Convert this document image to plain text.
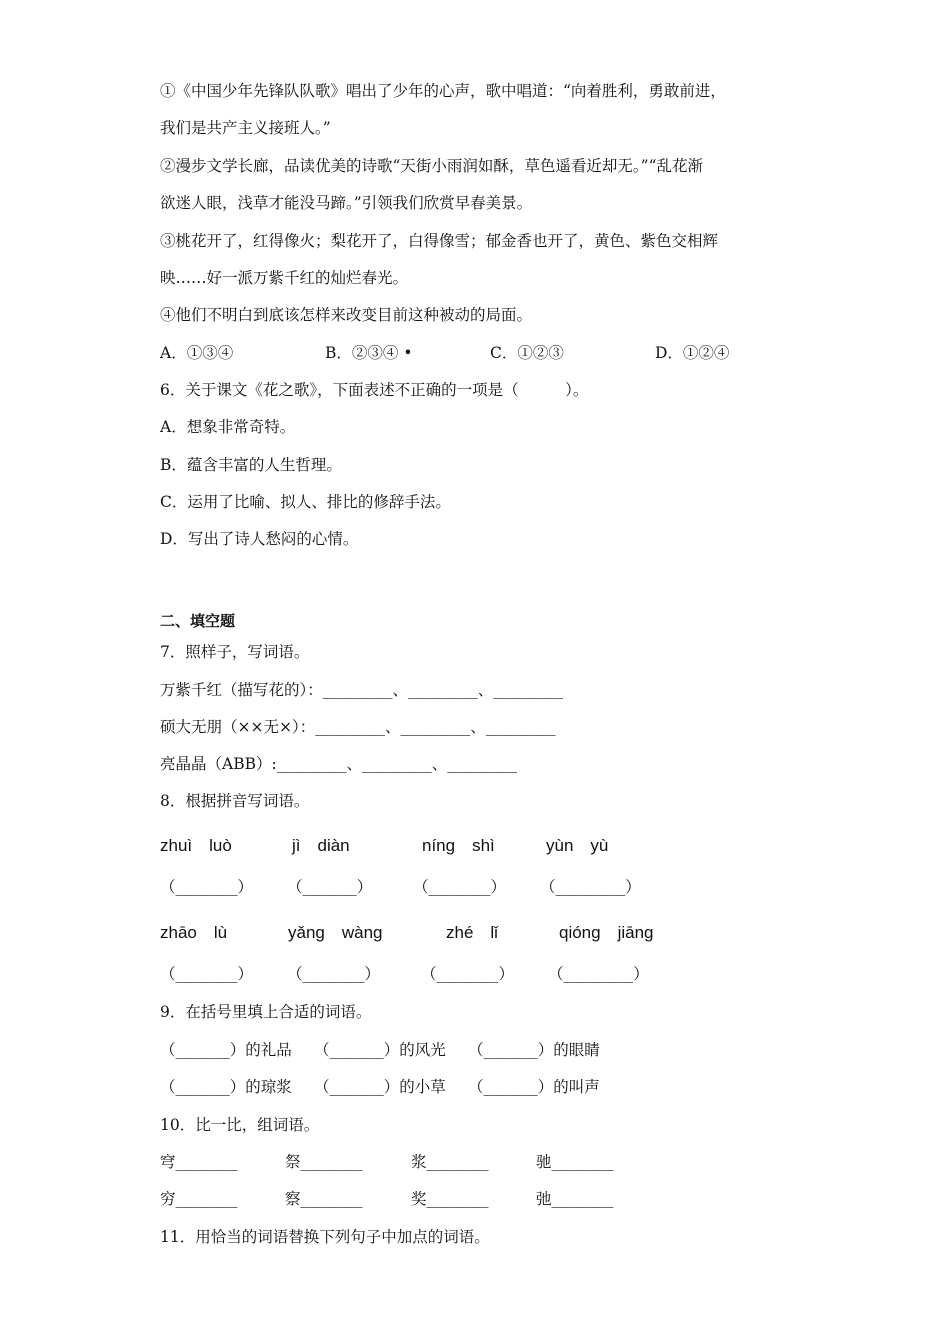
①《中国少年先锋队队歌》唱出了少年的心声，歌中唱道：“向着胜利，勇敢前进，
我们是共产主义接班人。”
②漫步文学长廊，品读优美的诗歌“天街小雨润如酥，草色遥看近却无。”“乱花渐
欲迷人眼，浅草才能没马蹄。”引领我们欣赏早春美景。
③桃花开了，红得像火；梨花开了，白得像雪；郁金香也开了，黄色、紫色交相辉
映……好一派万紫千红的灿烂春光。
④他们不明白到底该怎样来改变目前这种被动的局面。
A．①③④	B．②③④ •	C．①②③	D．①②④
6．关于课文《花之歌》，下面表述不正确的一项是（　　　）。
A．想象非常奇特。
B．蕴含丰富的人生哲理。
C．运用了比喻、拟人、排比的修辞手法。
D．写出了诗人愁闷的心情。
二、填空题
7．照样子，写词语。
万紫千红（描写花的）：_________、_________、_________
硕大无朋（××无×）：_________、_________、_________
亮晶晶（ABB）:_________、_________、_________
8．根据拼音写词语。
zhuì　luò	jì　diàn	níng　shì	yùn　yù
（________） （_______）	（________） （_________）
zhāo　lù	yǎng　wàng	zhé　lǐ	qióng　jiāng
（________） （________）	（________） （_________）
9．在括号里填上合适的词语。
（_______）的礼品 （_______）的风光 （_______）的眼睛
（_______）的琼浆 （_______）的小草 （_______）的叫声
10．比一比，组词语。
穹________	祭________	浆________	驰________
穷________	察________	奖________	弛________
11．用恰当的词语替换下列句子中加点的词语。
